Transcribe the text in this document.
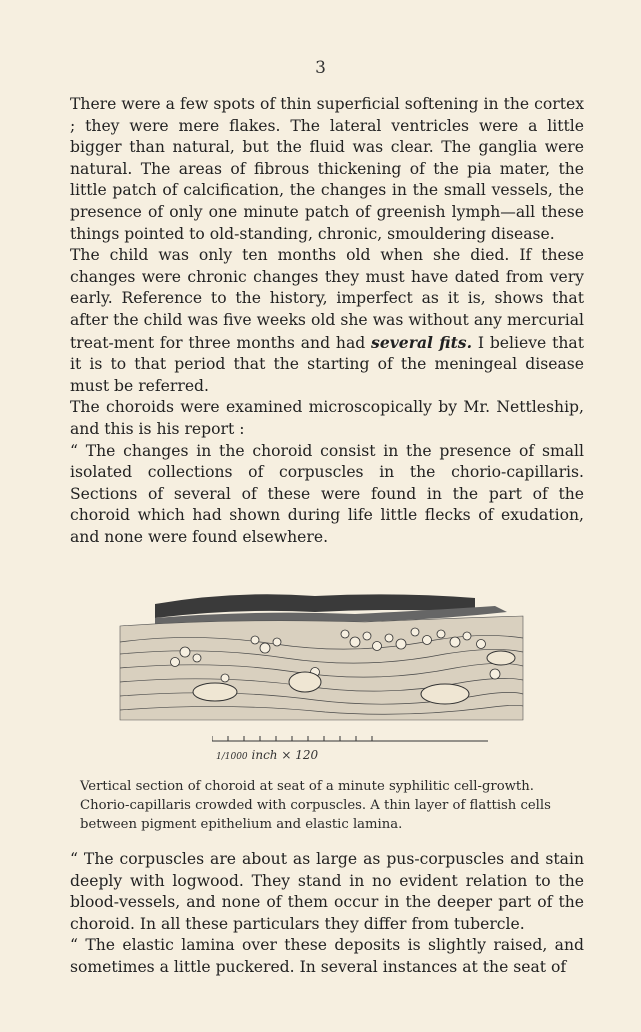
3

There were a few spots of thin superficial softening in the cortex ; they were mere flakes. The lateral ventricles were a little bigger than natural, but the fluid was clear. The ganglia were natural. The areas of fibrous thickening of the pia mater, the little patch of calcification, the changes in the small vessels, the presence of only one minute patch of greenish lymph—all these things pointed to old-standing, chronic, smouldering disease.

The child was only ten months old when she died. If these changes were chronic changes they must have dated from very early. Reference to the history, imperfect as it is, shows that after the child was five weeks old she was without any mercurial treat-ment for three months and had several fits. I believe that it is to that period that the starting of the meningeal disease must be referred.

The choroids were examined microscopically by Mr. Nettleship, and this is his report :

“ The changes in the choroid consist in the presence of small isolated collections of corpuscles in the chorio-capillaris. Sections of several of these were found in the part of the choroid which had shown during life little flecks of exudation, and none were found elsewhere.

1/1000 inch × 120

Vertical section of choroid at seat of a minute syphilitic cell-growth.

Chorio-capillaris crowded with corpuscles. A thin layer of flattish cells

between pigment epithelium and elastic lamina.

“ The corpuscles are about as large as pus-corpuscles and stain deeply with logwood. They stand in no evident relation to the blood-vessels, and none of them occur in the deeper part of the choroid. In all these particulars they differ from tubercle.

“ The elastic lamina over these deposits is slightly raised, and sometimes a little puckered. In several instances at the seat of
